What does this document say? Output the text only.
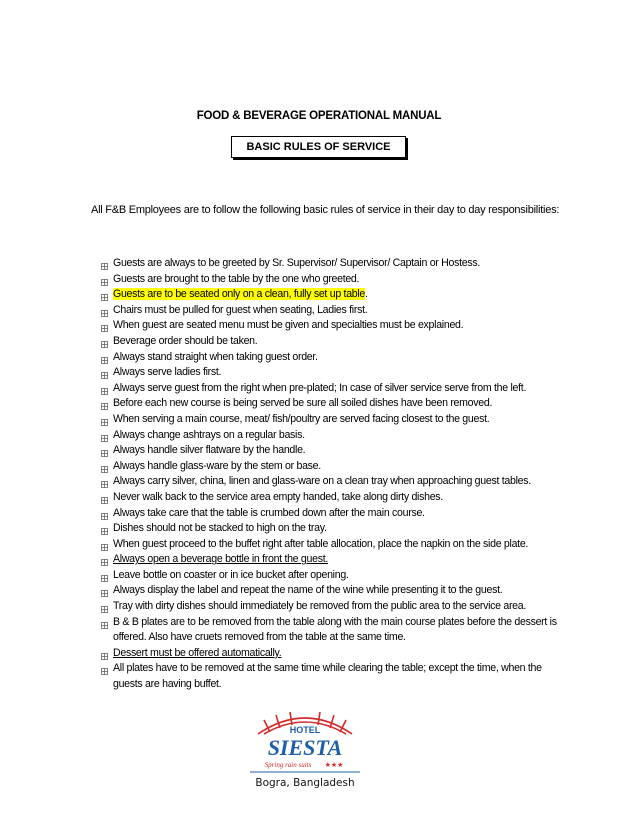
FOOD & BEVERAGE OPERATIONAL MANUAL
BASIC RULES OF SERVICE
All F&B Employees are to follow the following basic rules of service in their day to day responsibilities:
Guests are always to be greeted by Sr. Supervisor/ Supervisor/ Captain or Hostess.
Guests are brought to the table by the one who greeted.
Guests are to be seated only on a clean, fully set up table.
Chairs must be pulled for guest when seating, Ladies first.
When guest are seated menu must be given and specialties must be explained.
Beverage order should be taken.
Always stand straight when taking guest order.
Always serve ladies first.
Always serve guest from the right when pre-plated; In case of silver service serve from the left.
Before each new course is being served be sure all soiled dishes have been removed.
When serving a main course, meat/ fish/poultry are served facing closest to the guest.
Always change ashtrays on a regular basis.
Always handle silver flatware by the handle.
Always handle glass-ware by the stem or base.
Always carry silver, china, linen and glass-ware on a clean tray when approaching guest tables.
Never walk back to the service area empty handed, take along dirty dishes.
Always take care that the table is crumbed down after the main course.
Dishes should not be stacked to high on the tray.
When guest proceed to the buffet right after table allocation, place the napkin on the side plate.
Always open a beverage bottle in front the guest.
Leave bottle on coaster or in ice bucket after opening.
Always display the label and repeat the name of the wine while presenting it to the guest.
Tray with dirty dishes should immediately be removed from the public area to the service area.
B & B plates are to be removed from the table along with the main course plates before the dessert is offered. Also have cruets removed from the table at the same time.
Dessert must be offered automatically.
All plates have to be removed at the same time while clearing the table; except the time, when the guests are having buffet.
HOTEL
SIESTA
Spring rain suits ★★★
Bogra, Bangladesh
